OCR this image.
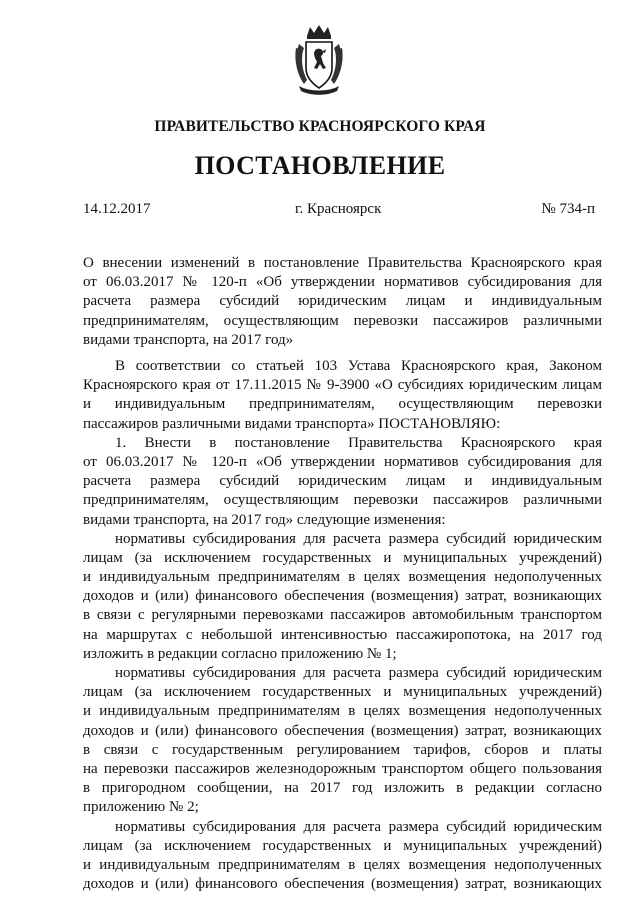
ПРАВИТЕЛЬСТВО КРАСНОЯРСКОГО КРАЯ
ПОСТАНОВЛЕНИЕ
14.12.2017	г. Красноярск	№ 734-п
О внесении изменений в постановление Правительства Красноярского края
от 06.03.2017 № 120-п «Об утверждении нормативов субсидирования для
расчета размера субсидий юридическим лицам и индивидуальным
предпринимателям, осуществляющим перевозки пассажиров различными
видами транспорта, на 2017 год»
В соответствии со статьей 103 Устава Красноярского края, Законом
Красноярского края от 17.11.2015 № 9-3900 «О субсидиях юридическим лицам
и индивидуальным предпринимателям, осуществляющим перевозки
пассажиров различными видами транспорта» ПОСТАНОВЛЯЮ:
1. Внести в постановление Правительства Красноярского края
от 06.03.2017 № 120-п «Об утверждении нормативов субсидирования для
расчета размера субсидий юридическим лицам и индивидуальным
предпринимателям, осуществляющим перевозки пассажиров различными
видами транспорта, на 2017 год» следующие изменения:
нормативы субсидирования для расчета размера субсидий юридическим
лицам (за исключением государственных и муниципальных учреждений)
и индивидуальным предпринимателям в целях возмещения недополученных
доходов и (или) финансового обеспечения (возмещения) затрат, возникающих
в связи с регулярными перевозками пассажиров автомобильным транспортом
на маршрутах с небольшой интенсивностью пассажиропотока, на 2017 год
изложить в редакции согласно приложению № 1;
нормативы субсидирования для расчета размера субсидий юридическим
лицам (за исключением государственных и муниципальных учреждений)
и индивидуальным предпринимателям в целях возмещения недополученных
доходов и (или) финансового обеспечения (возмещения) затрат, возникающих
в связи с государственным регулированием тарифов, сборов и платы
на перевозки пассажиров железнодорожным транспортом общего пользования
в пригородном сообщении, на 2017 год изложить в редакции согласно
приложению № 2;
нормативы субсидирования для расчета размера субсидий юридическим
лицам (за исключением государственных и муниципальных учреждений)
и индивидуальным предпринимателям в целях возмещения недополученных
доходов и (или) финансового обеспечения (возмещения) затрат, возникающих
